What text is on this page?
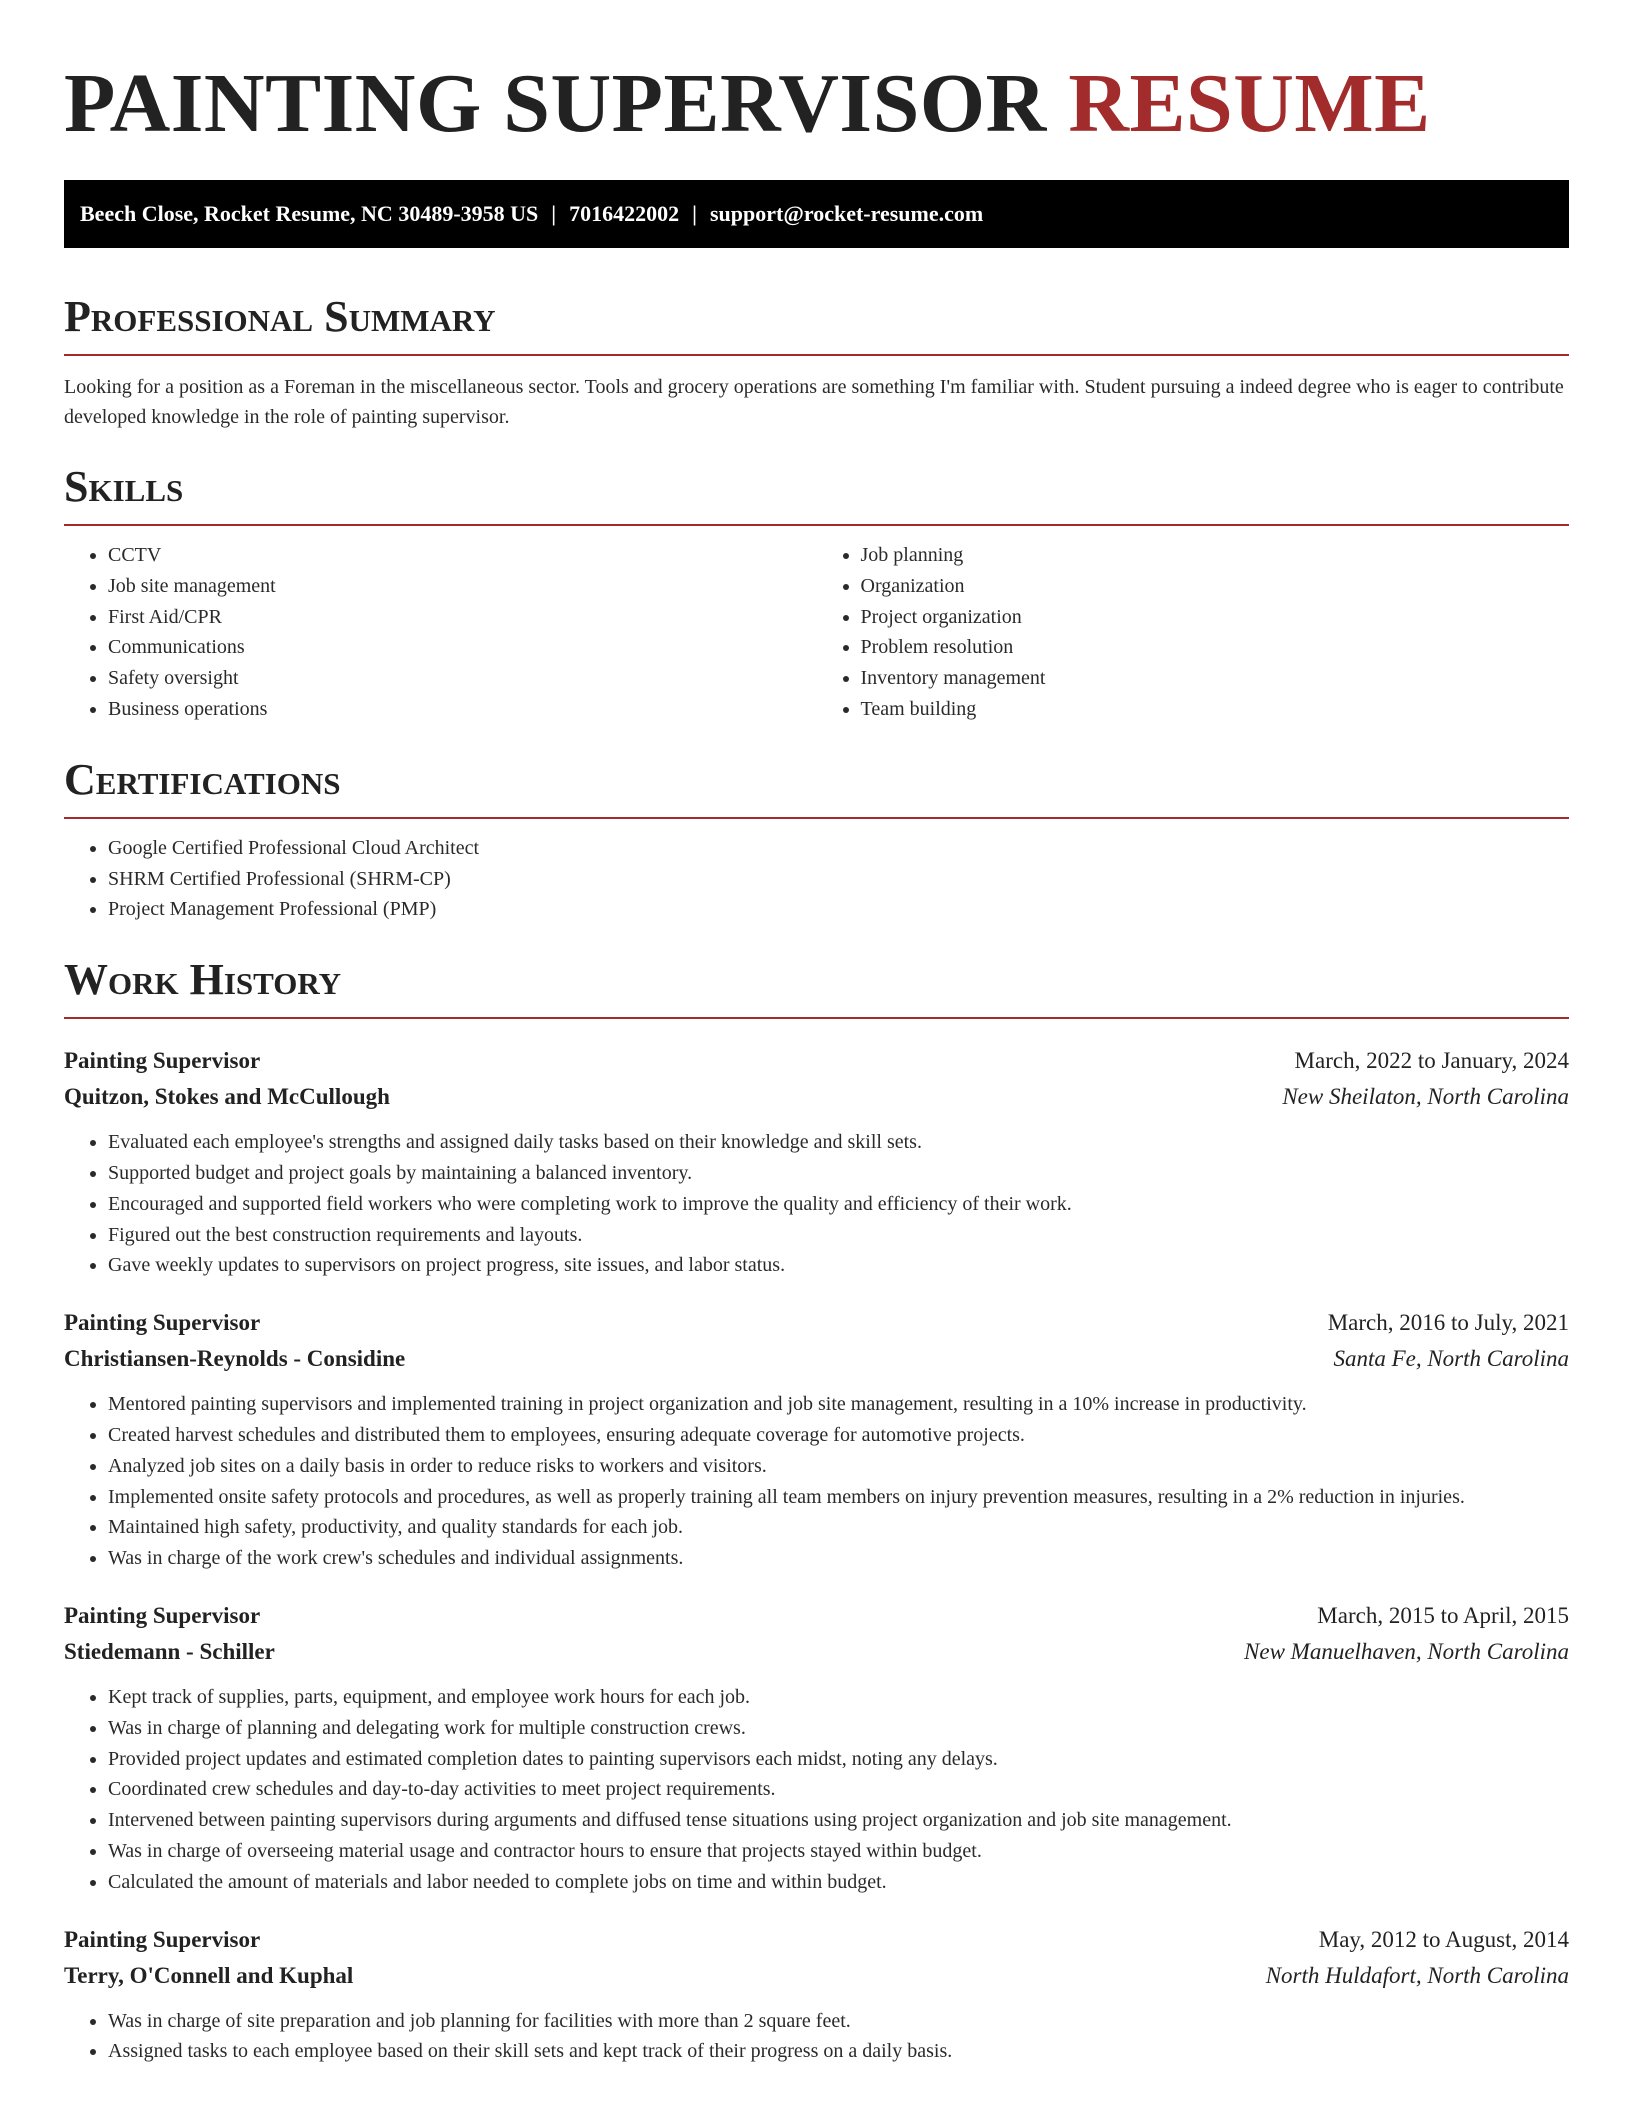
PAINTING SUPERVISOR RESUME
Beech Close, Rocket Resume, NC 30489-3958 US | 7016422002 | support@rocket-resume.com
Professional Summary

Looking for a position as a Foreman in the miscellaneous sector. Tools and grocery operations are something I'm familiar with. Student pursuing a indeed degree who is eager to contribute developed knowledge in the role of painting supervisor.

Skills
• CCTV
• Job site management
• First Aid/CPR
• Communications
• Safety oversight
• Business operations
• Job planning
• Organization
• Project organization
• Problem resolution
• Inventory management
• Team building
Certifications
• Google Certified Professional Cloud Architect
• SHRM Certified Professional (SHRM-CP)
• Project Management Professional (PMP)
Work History
Painting Supervisor	March, 2022 to January, 2024
Quitzon, Stokes and McCullough	New Sheilaton, North Carolina
• Evaluated each employee's strengths and assigned daily tasks based on their knowledge and skill sets.
• Supported budget and project goals by maintaining a balanced inventory.
• Encouraged and supported field workers who were completing work to improve the quality and efficiency of their work.
• Figured out the best construction requirements and layouts.
• Gave weekly updates to supervisors on project progress, site issues, and labor status.
Painting Supervisor	March, 2016 to July, 2021
Christiansen-Reynolds - Considine	Santa Fe, North Carolina
• Mentored painting supervisors and implemented training in project organization and job site management, resulting in a 10% increase in productivity.
• Created harvest schedules and distributed them to employees, ensuring adequate coverage for automotive projects.
• Analyzed job sites on a daily basis in order to reduce risks to workers and visitors.
• Implemented onsite safety protocols and procedures, as well as properly training all team members on injury prevention measures, resulting in a 2% reduction in injuries.
• Maintained high safety, productivity, and quality standards for each job.
• Was in charge of the work crew's schedules and individual assignments.
Painting Supervisor	March, 2015 to April, 2015
Stiedemann - Schiller	New Manuelhaven, North Carolina
• Kept track of supplies, parts, equipment, and employee work hours for each job.
• Was in charge of planning and delegating work for multiple construction crews.
• Provided project updates and estimated completion dates to painting supervisors each midst, noting any delays.
• Coordinated crew schedules and day-to-day activities to meet project requirements.
• Intervened between painting supervisors during arguments and diffused tense situations using project organization and job site management.
• Was in charge of overseeing material usage and contractor hours to ensure that projects stayed within budget.
• Calculated the amount of materials and labor needed to complete jobs on time and within budget.
Painting Supervisor	May, 2012 to August, 2014
Terry, O'Connell and Kuphal	North Huldafort, North Carolina
• Was in charge of site preparation and job planning for facilities with more than 2 square feet.
• Assigned tasks to each employee based on their skill sets and kept track of their progress on a daily basis.
